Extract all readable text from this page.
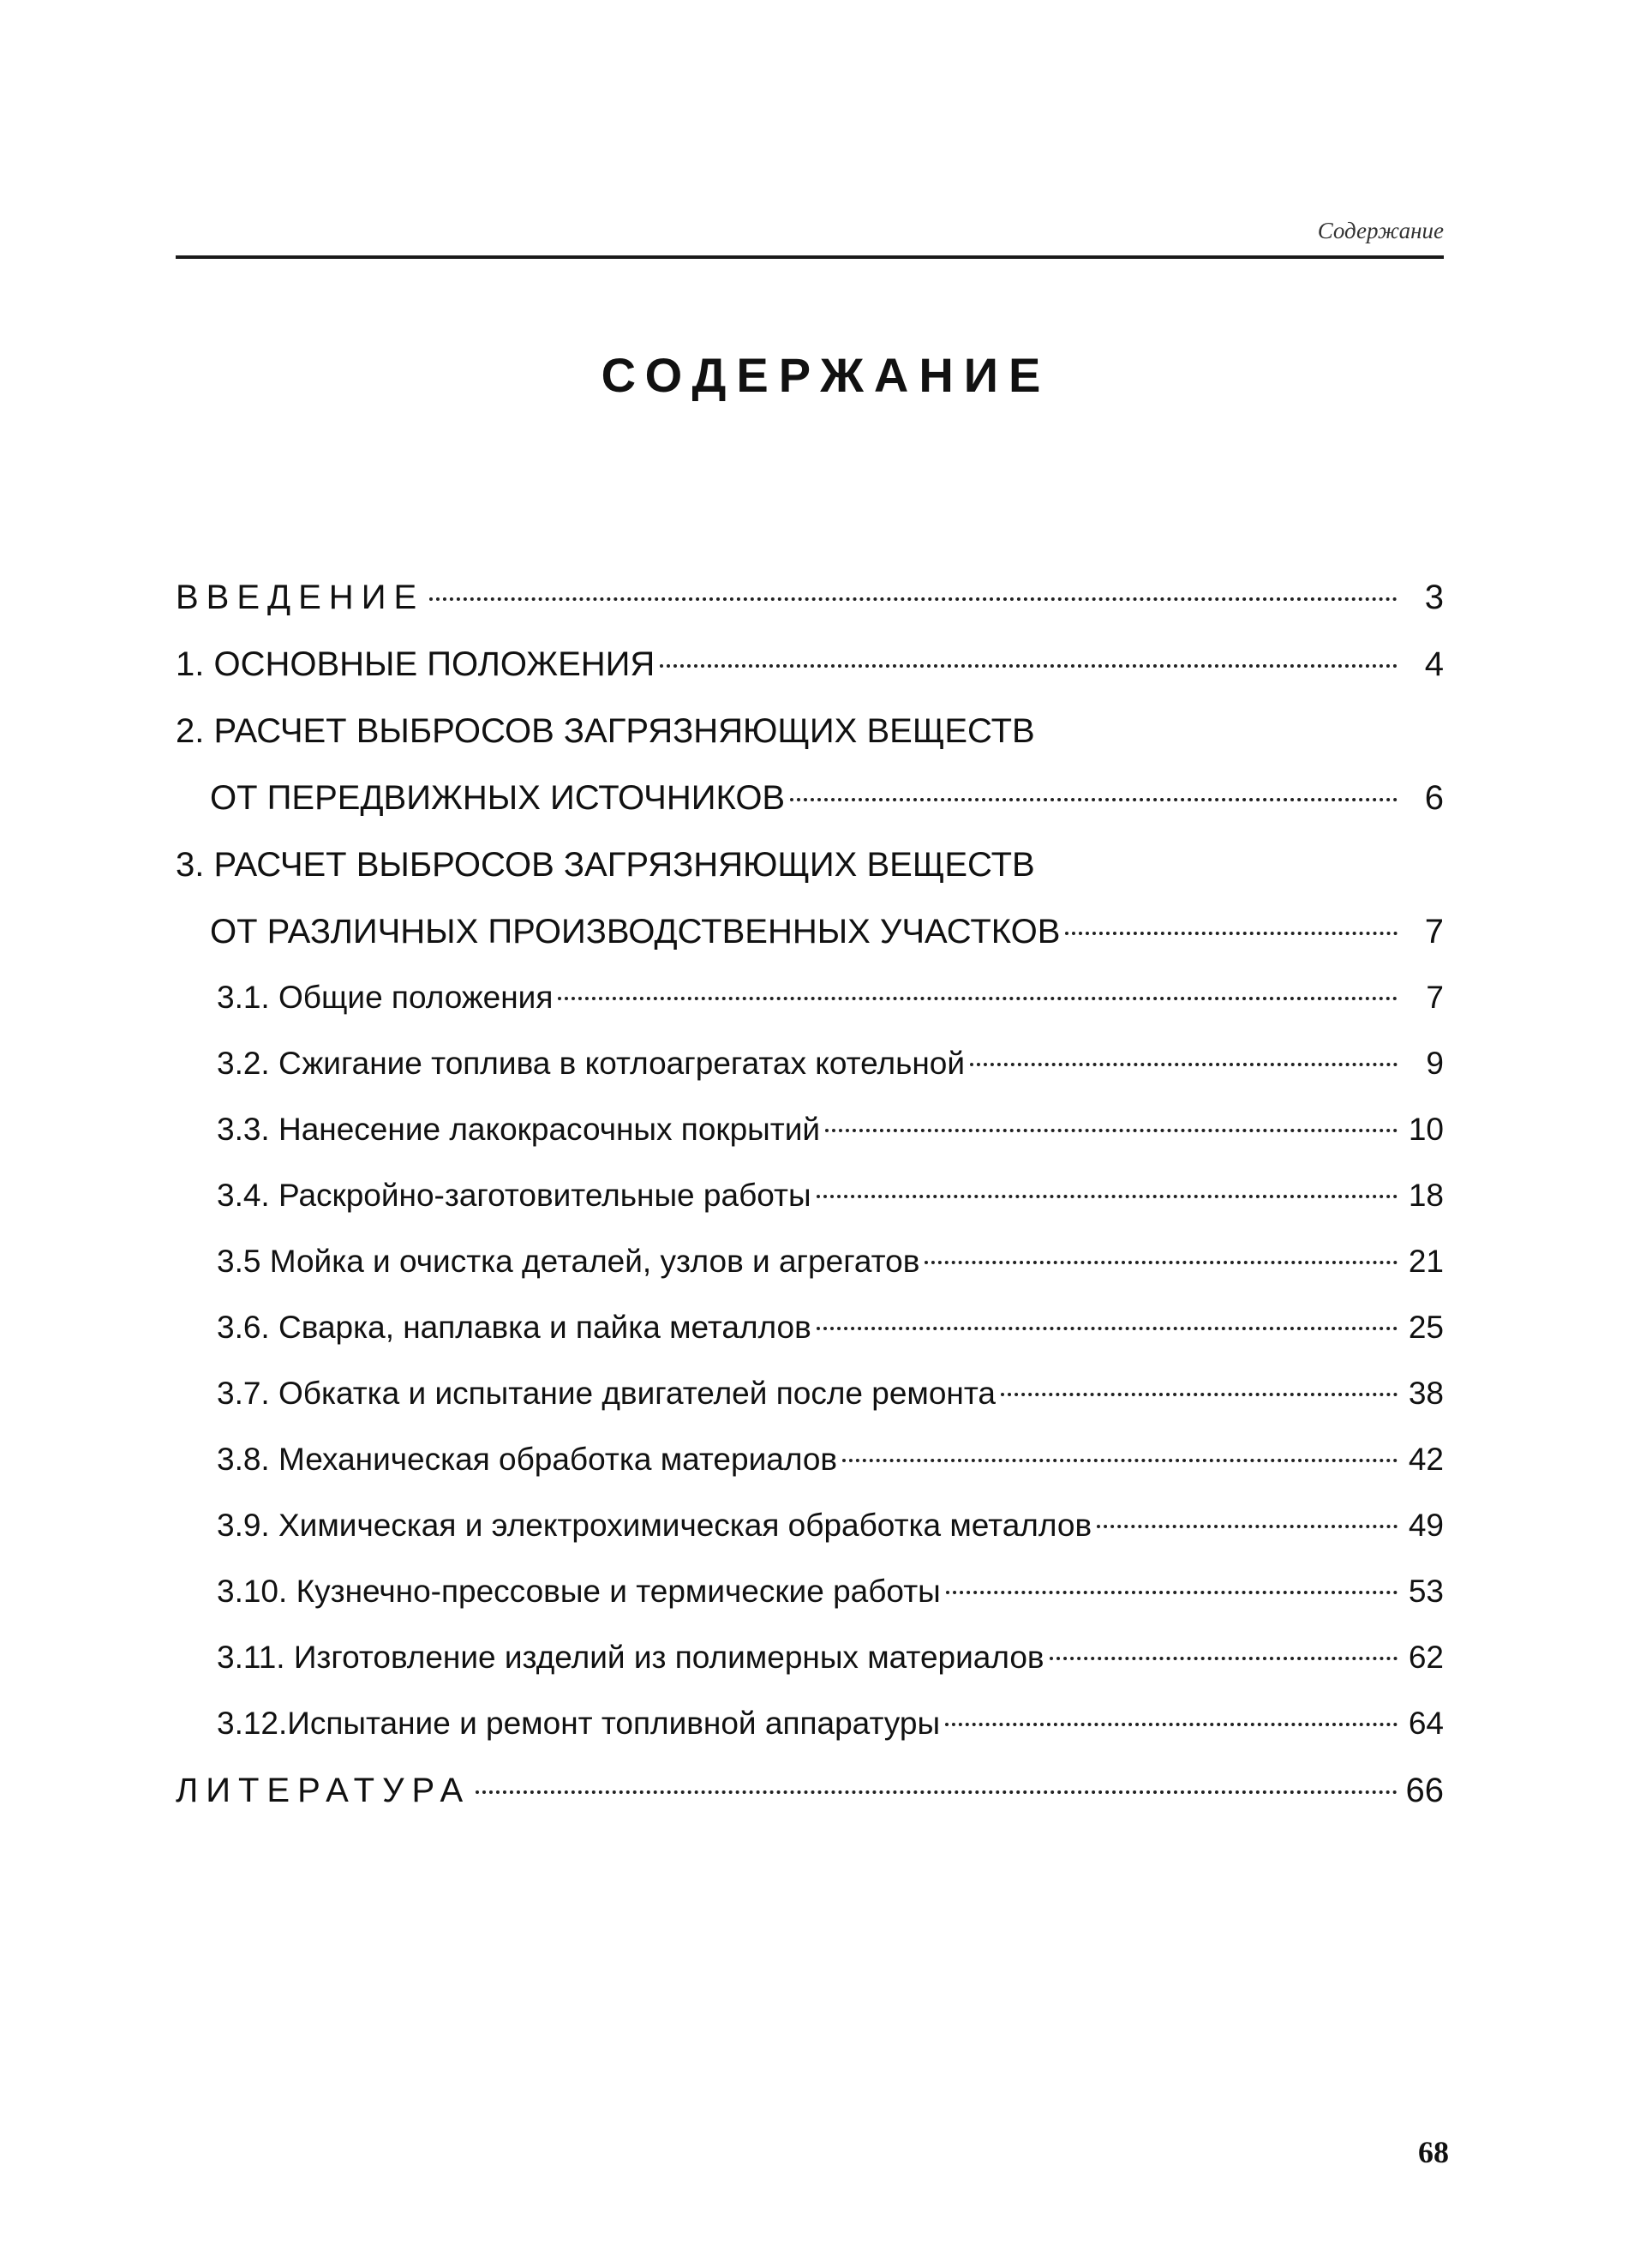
Содержание
СОДЕРЖАНИЕ
ВВЕДЕНИЕ	3
1. ОСНОВНЫЕ ПОЛОЖЕНИЯ	4
2. РАСЧЕТ ВЫБРОСОВ ЗАГРЯЗНЯЮЩИХ ВЕЩЕСТВ
ОТ ПЕРЕДВИЖНЫХ ИСТОЧНИКОВ	6
3. РАСЧЕТ ВЫБРОСОВ ЗАГРЯЗНЯЮЩИХ ВЕЩЕСТВ
ОТ РАЗЛИЧНЫХ ПРОИЗВОДСТВЕННЫХ УЧАСТКОВ	7
3.1. Общие положения	7
3.2. Сжигание топлива в котлоагрегатах котельной	9
3.3. Нанесение лакокрасочных покрытий	10
3.4. Раскройно-заготовительные работы	18
3.5 Мойка и очистка деталей, узлов и агрегатов	21
3.6. Сварка, наплавка и пайка металлов	25
3.7. Обкатка и испытание двигателей после ремонта	38
3.8. Механическая обработка материалов	42
3.9. Химическая и электрохимическая обработка металлов	49
3.10. Кузнечно-прессовые и термические работы	53
3.11. Изготовление изделий из полимерных материалов	62
3.12.Испытание и ремонт топливной аппаратуры	64
ЛИТЕРАТУРА	66
68
